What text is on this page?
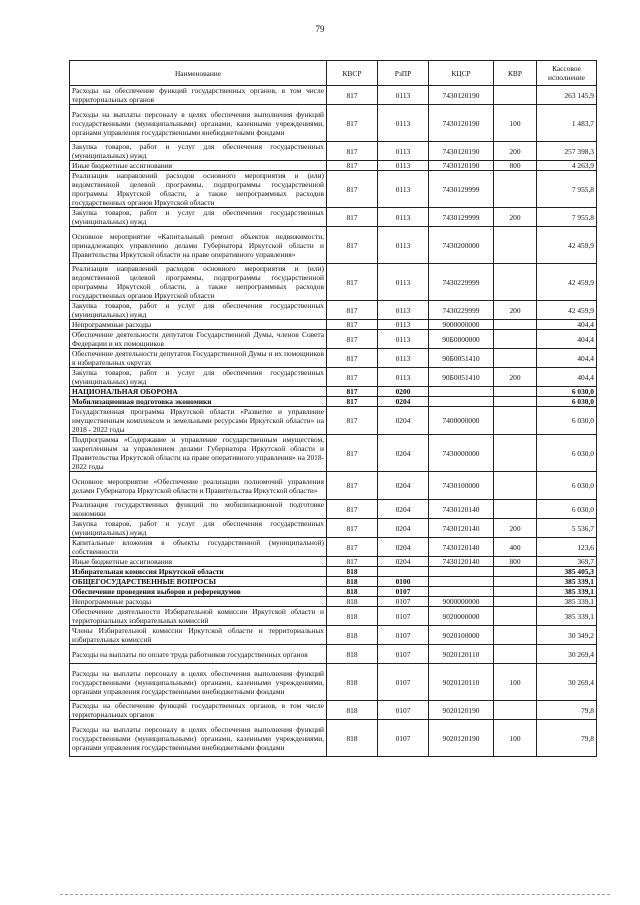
79
Наименование	КВСР	РзПР	КЦСР	КВР	Кассовое исполнение
Расходы на обеспечение функций государственных органов, в том числе территориальных органов	817	0113	7430120190		263 145,9
Расходы на выплаты персоналу в целях обеспечения выполнения функций государственными (муниципальными) органами, казенными учреждениями, органами управления государственными внебюджетными фондами	817	0113	7430120190	100	1 483,7
Закупка товаров, работ и услуг для обеспечения государственных (муниципальных) нужд	817	0113	7430120190	200	257 398,3
Иные бюджетные ассигнования	817	0113	7430120190	800	4 263,9
Реализация направлений расходов основного мероприятия и (или) ведомственной целевой программы, подпрограммы государственной программы Иркутской области, а также непрограммных расходов государственных органов Иркутской области	817	0113	7430129999		7 955,8
Закупка товаров, работ и услуг для обеспечения государственных (муниципальных) нужд	817	0113	7430129999	200	7 955,8
Основное мероприятие «Капитальный ремонт объектов недвижимости, принадлежащих управлению делами Губернатора Иркутской области и Правительства Иркутской области на праве оперативного управления»	817	0113	7430200000		42 459,9
Реализация направлений расходов основного мероприятия и (или) ведомственной целевой программы, подпрограммы государственной программы Иркутской области, а также непрограммных расходов государственных органов Иркутской области	817	0113	7430229999		42 459,9
Закупка товаров, работ и услуг для обеспечения государственных (муниципальных) нужд	817	0113	7430229999	200	42 459,9
Непрограммные расходы	817	0113	9000000000		404,4
Обеспечение деятельности депутатов Государственной Думы, членов Совета Федерации и их помощников	817	0113	90Б0000000		404,4
Обеспечение деятельности депутатов Государственной Думы и их помощников в избирательных округах	817	0113	90Б0051410		404,4
Закупка товаров, работ и услуг для обеспечения государственных (муниципальных) нужд	817	0113	90Б0051410	200	404,4
НАЦИОНАЛЬНАЯ ОБОРОНА	817	0200			6 030,0
Мобилизационная подготовка экономики	817	0204			6 030,0
Государственная программа Иркутской области «Развитие и управление имущественным комплексом и земельными ресурсами Иркутской области» на 2018 - 2022 годы	817	0204	7400000000		6 030,0
Подпрограмма «Содержание и управление государственным имуществом, закрепленным за управлением делами Губернатора Иркутской области и Правительства Иркутской области на праве оперативного управления» на 2018-2022 годы	817	0204	7430000000		6 030,0
Основное мероприятие «Обеспечение реализации полномочий управления делами Губернатора Иркутской области и Правительства Иркутской области»	817	0204	7430100000		6 030,0
Реализация государственных функций по мобилизационной подготовке экономики	817	0204	7430120140		6 030,0
Закупка товаров, работ и услуг для обеспечения государственных (муниципальных) нужд	817	0204	7430120140	200	5 536,7
Капитальные вложения в объекты государственной (муниципальной) собственности	817	0204	7430120140	400	123,6
Иные бюджетные ассигнования	817	0204	7430120140	800	369,7
Избирательная комиссия Иркутской области	818				385 405,3
ОБЩЕГОСУДАРСТВЕННЫЕ ВОПРОСЫ	818	0100			385 339,1
Обеспечение проведения выборов и референдумов	818	0107			385 339,1
Непрограммные расходы	818	0107	9000000000		385 339,1
Обеспечение деятельности Избирательной комиссии Иркутской области и территориальных избирательных комиссий	818	0107	9020000000		385 339,1
Члены Избирательной комиссии Иркутской области и территориальных избирательных комиссий	818	0107	9020100000		30 349,2
Расходы на выплаты по оплате труда работников государственных органов	818	0107	9020120110		30 269,4
Расходы на выплаты персоналу в целях обеспечения выполнения функций государственными (муниципальными) органами, казенными учреждениями, органами управления государственными внебюджетными фондами	818	0107	9020120110	100	30 269,4
Расходы на обеспечение функций государственных органов, в том числе территориальных органов	818	0107	9020120190		79,8
Расходы на выплаты персоналу в целях обеспечения выполнения функций государственными (муниципальными) органами, казенными учреждениями, органами управления государственными внебюджетными фондами	818	0107	9020120190	100	79,8
